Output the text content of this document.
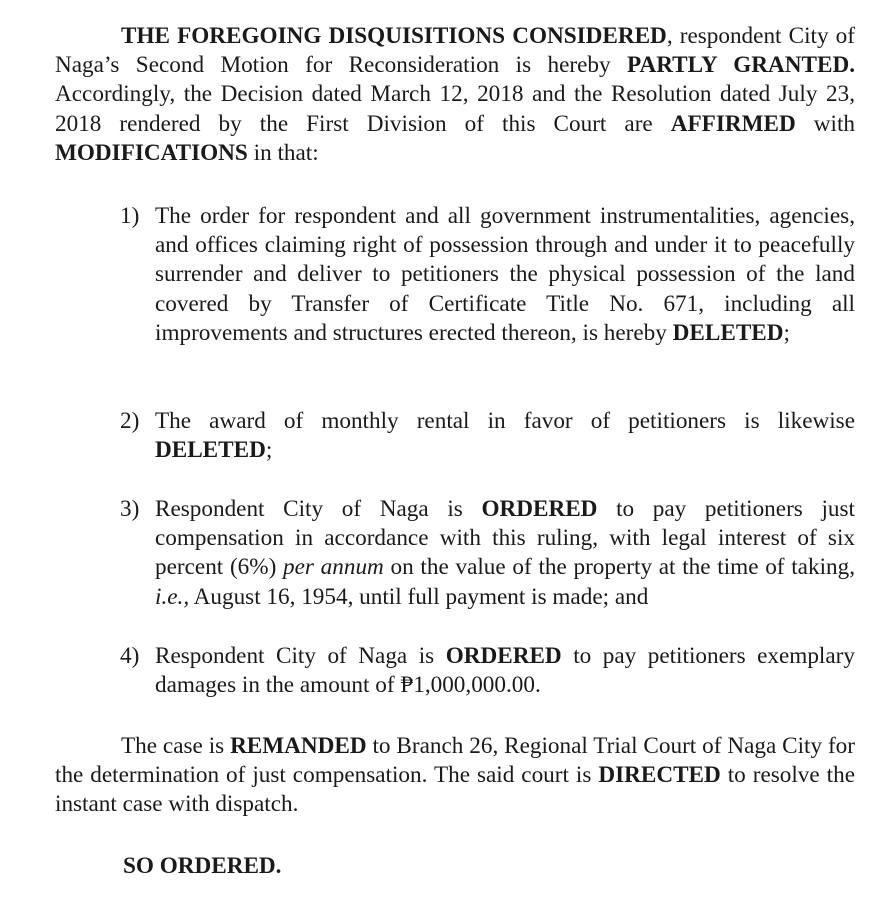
THE FOREGOING DISQUISITIONS CONSIDERED, respondent City of Naga’s Second Motion for Reconsideration is hereby PARTLY GRANTED. Accordingly, the Decision dated March 12, 2018 and the Resolution dated July 23, 2018 rendered by the First Division of this Court are AFFIRMED with MODIFICATIONS in that:

1) The order for respondent and all government instrumentalities, agencies, and offices claiming right of possession through and under it to peacefully surrender and deliver to petitioners the physical possession of the land covered by Transfer of Certificate Title No. 671, including all improvements and structures erected thereon, is hereby DELETED;
2) The award of monthly rental in favor of petitioners is likewise DELETED;
3) Respondent City of Naga is ORDERED to pay petitioners just compensation in accordance with this ruling, with legal interest of six percent (6%) per annum on the value of the property at the time of taking, i.e., August 16, 1954, until full payment is made; and
4) Respondent City of Naga is ORDERED to pay petitioners exemplary damages in the amount of ₱1,000,000.00.

The case is REMANDED to Branch 26, Regional Trial Court of Naga City for the determination of just compensation. The said court is DIRECTED to resolve the instant case with dispatch.

SO ORDERED.
